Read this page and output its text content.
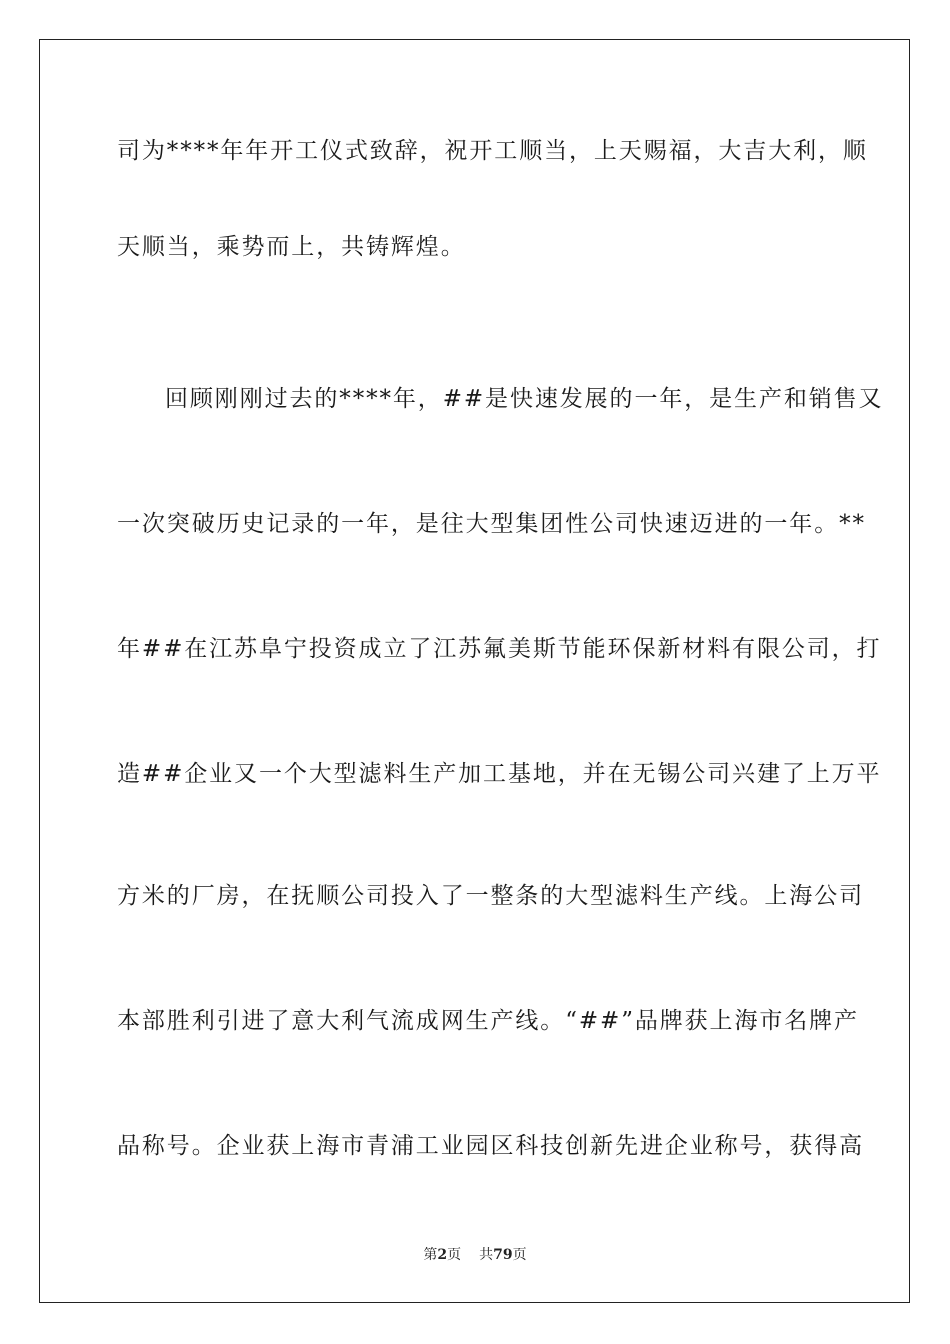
司为****年年开工仪式致辞，祝开工顺当，上天赐福，大吉大利，顺
天顺当，乘势而上，共铸辉煌。
回顾刚刚过去的****年，##是快速发展的一年，是生产和销售又
一次突破历史记录的一年，是往大型集团性公司快速迈进的一年。**
年##在江苏阜宁投资成立了江苏氟美斯节能环保新材料有限公司，打
造##企业又一个大型滤料生产加工基地，并在无锡公司兴建了上万平
方米的厂房，在抚顺公司投入了一整条的大型滤料生产线。上海公司
本部胜利引进了意大利气流成网生产线。“##”品牌获上海市名牌产
品称号。企业获上海市青浦工业园区科技创新先进企业称号，获得高
第2页 共79页
